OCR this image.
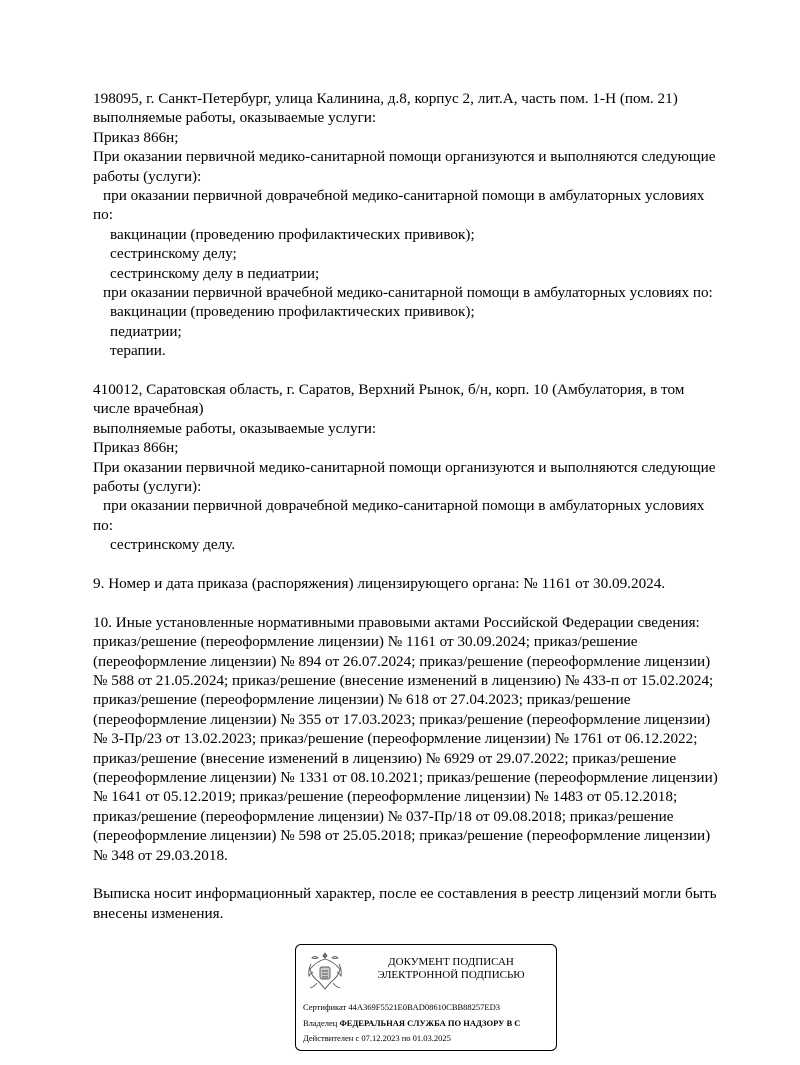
198095, г. Санкт-Петербург, улица Калинина, д.8, корпус 2, лит.А, часть пом. 1-Н (пом. 21)
выполняемые работы, оказываемые услуги:
Приказ 866н;
При оказании первичной медико-санитарной помощи организуются и выполняются следующие
работы (услуги):
при оказании первичной доврачебной медико-санитарной помощи в амбулаторных условиях
по:
вакцинации (проведению профилактических прививок);
сестринскому делу;
сестринскому делу в педиатрии;
при оказании первичной врачебной медико-санитарной помощи в амбулаторных условиях по:
вакцинации (проведению профилактических прививок);
педиатрии;
терапии.
410012, Саратовская область, г. Саратов, Верхний Рынок, б/н, корп. 10 (Амбулатория, в том
числе врачебная)
выполняемые работы, оказываемые услуги:
Приказ 866н;
При оказании первичной медико-санитарной помощи организуются и выполняются следующие
работы (услуги):
при оказании первичной доврачебной медико-санитарной помощи в амбулаторных условиях
по:
сестринскому делу.
9. Номер и дата приказа (распоряжения) лицензирующего органа: № 1161 от 30.09.2024.
10. Иные установленные нормативными правовыми актами Российской Федерации сведения:
приказ/решение (переоформление лицензии) № 1161 от 30.09.2024; приказ/решение
(переоформление лицензии) № 894 от 26.07.2024; приказ/решение (переоформление лицензии)
№ 588 от 21.05.2024; приказ/решение (внесение изменений в лицензию) № 433-п от 15.02.2024;
приказ/решение (переоформление лицензии) № 618 от 27.04.2023; приказ/решение
(переоформление лицензии) № 355 от 17.03.2023; приказ/решение (переоформление лицензии)
№ 3-Пр/23 от 13.02.2023; приказ/решение (переоформление лицензии) № 1761 от 06.12.2022;
приказ/решение (внесение изменений в лицензию) № 6929 от 29.07.2022; приказ/решение
(переоформление лицензии) № 1331 от 08.10.2021; приказ/решение (переоформление лицензии)
№ 1641 от 05.12.2019; приказ/решение (переоформление лицензии) № 1483 от 05.12.2018;
приказ/решение (переоформление лицензии) № 037-Пр/18 от 09.08.2018; приказ/решение
(переоформление лицензии) № 598 от 25.05.2018; приказ/решение (переоформление лицензии)
№ 348 от 29.03.2018.
Выписка носит информационный характер, после ее составления в реестр лицензий могли быть
внесены изменения.
ДОКУМЕНТ ПОДПИСАН
ЭЛЕКТРОННОЙ ПОДПИСЬЮ
Сертификат 44A369F5521E0BAD08610CBB88257ED3
Владелец ФЕДЕРАЛЬНАЯ СЛУЖБА ПО НАДЗОРУ В С
Действителен с 07.12.2023 по 01.03.2025
